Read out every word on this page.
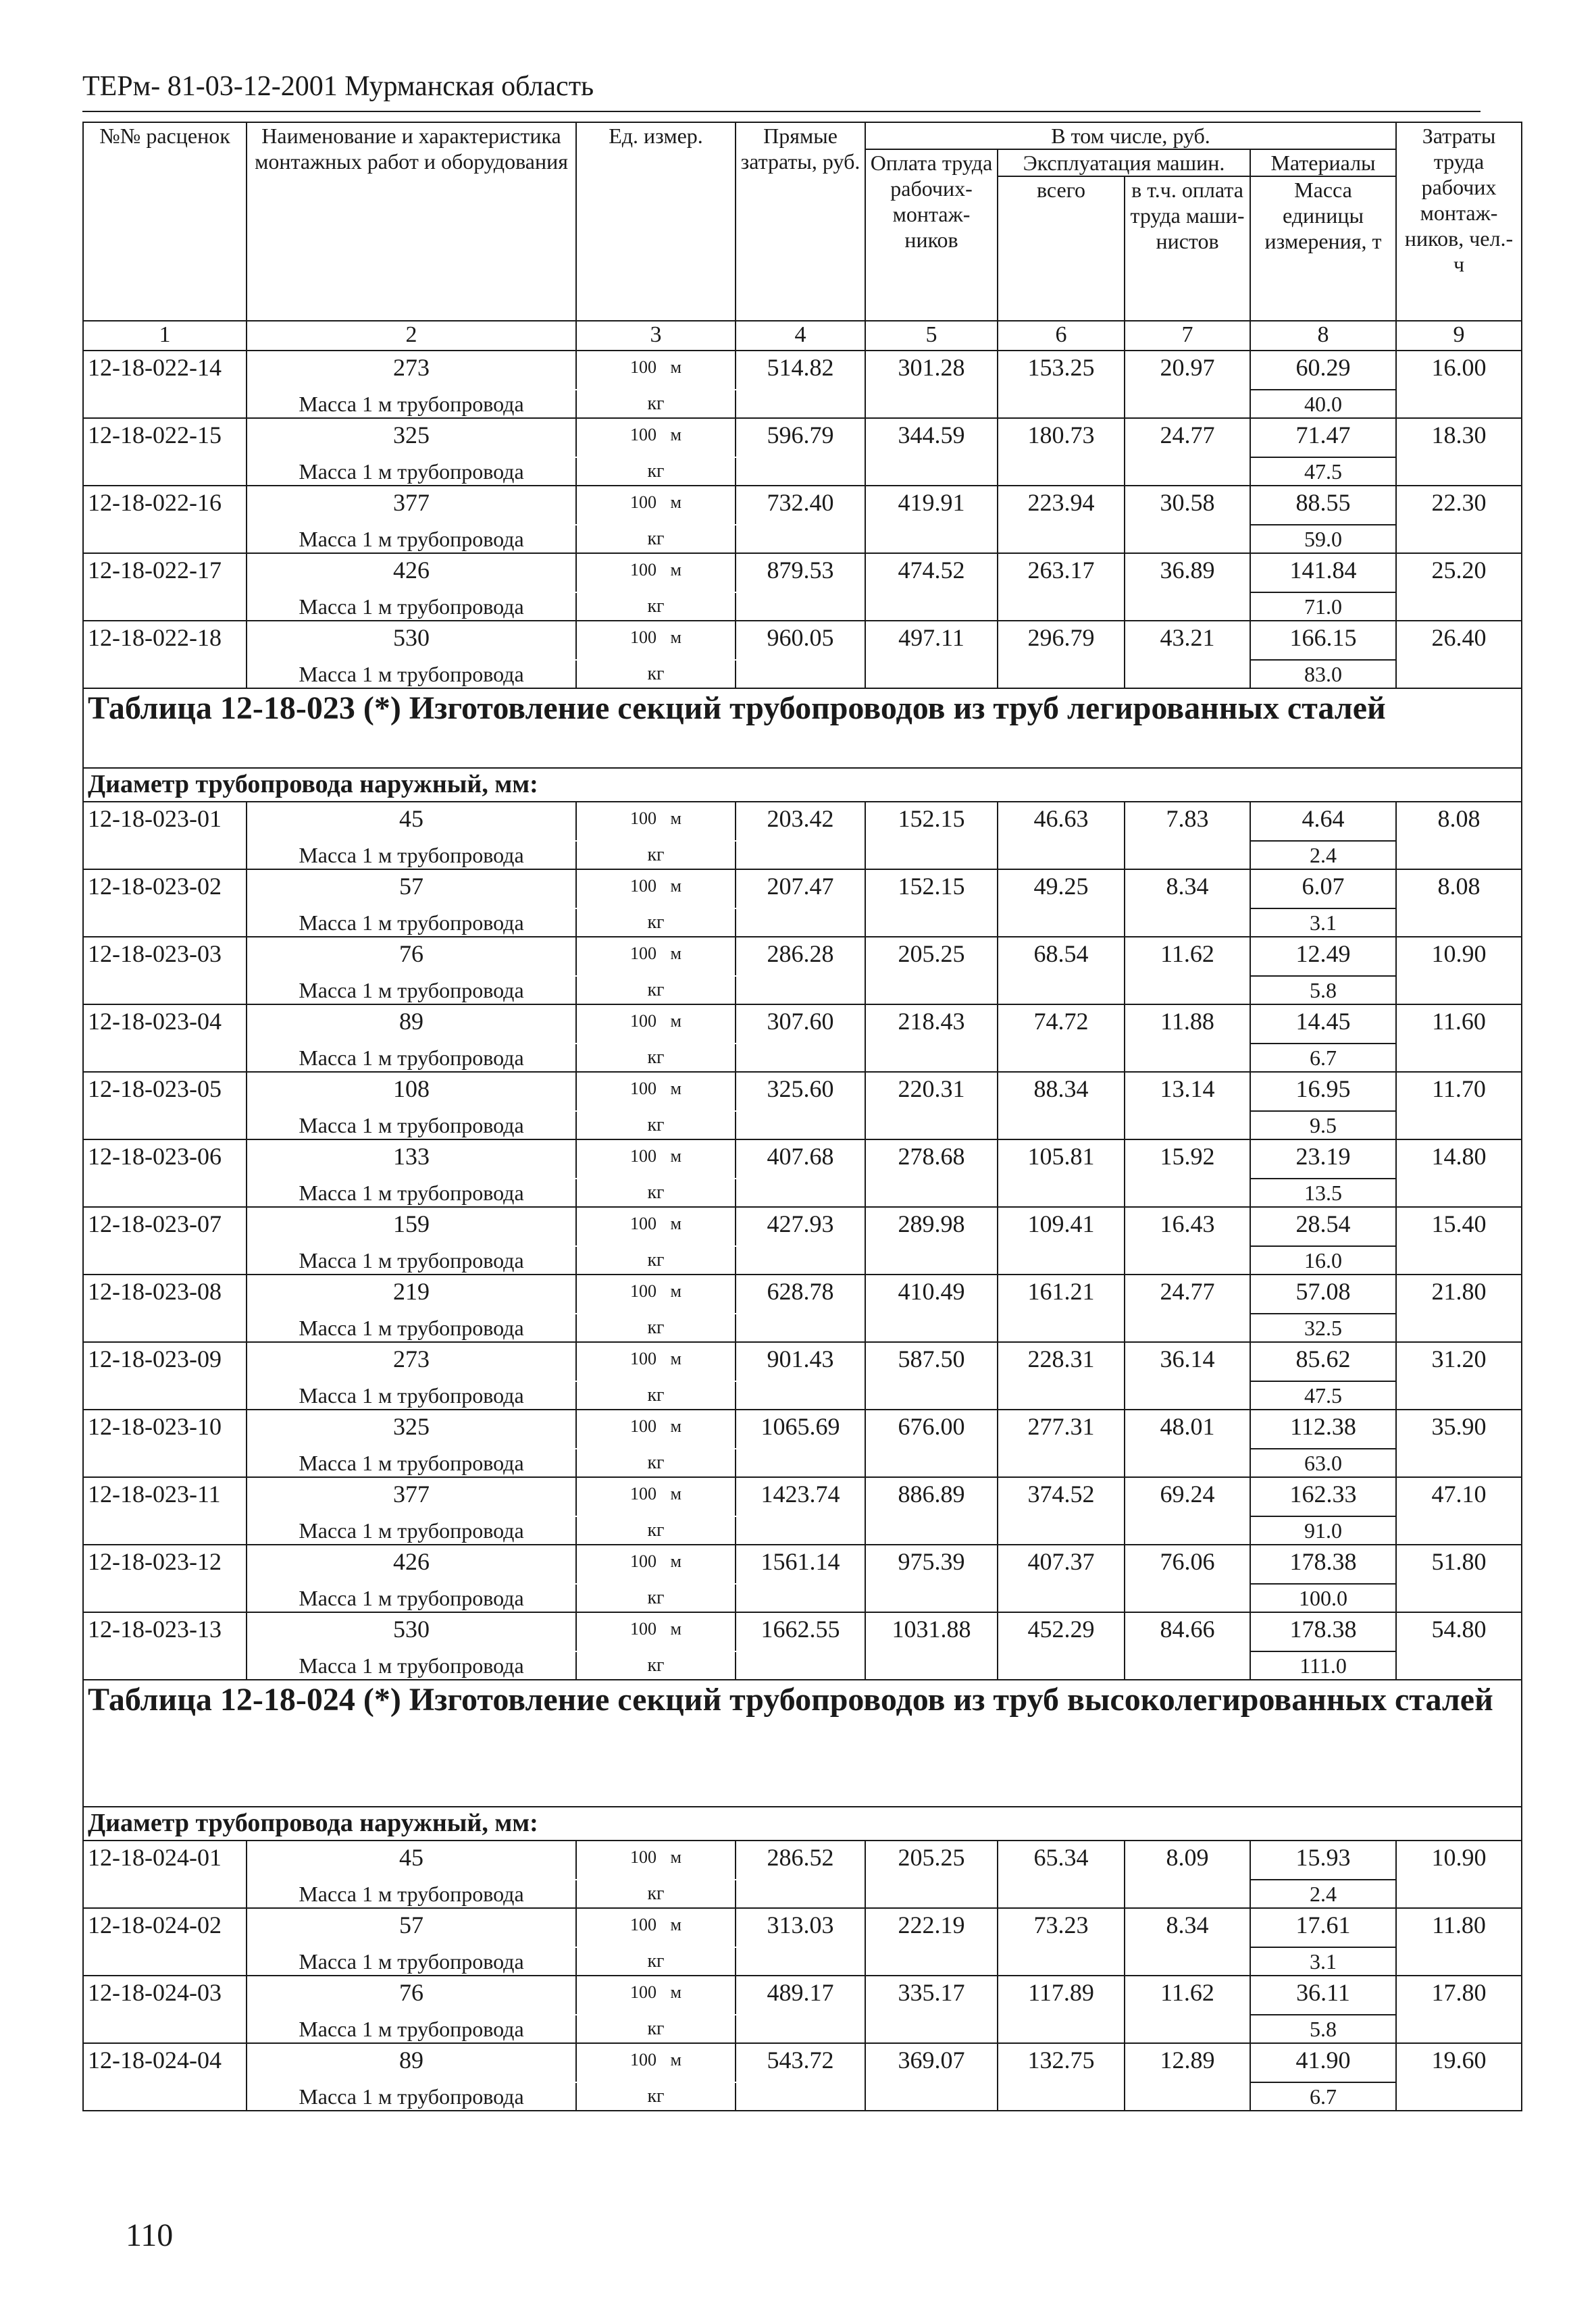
ТЕРм- 81-03-12-2001 Мурманская область
№№ расценок	Наименование и характеристика монтажных работ и оборудования	Ед. измер.	Прямые затраты, руб.	В том числе, руб.				Затраты труда рабочих монтаж-ников, чел.-ч
				Оплата труда рабочих-монтаж-ников	Эксплуатация машин.		Материалы	
					всего	в т.ч. оплата труда маши-нистов	Масса единицы измерения, т	
1	2	3	4	5	6	7	8	9
12-18-022-14	273	100 м	514.82	301.28	153.25	20.97	60.29	16.00
	Масса 1 м трубопровода	кг					40.0	
12-18-022-15	325	100 м	596.79	344.59	180.73	24.77	71.47	18.30
	Масса 1 м трубопровода	кг					47.5	
12-18-022-16	377	100 м	732.40	419.91	223.94	30.58	88.55	22.30
	Масса 1 м трубопровода	кг					59.0	
12-18-022-17	426	100 м	879.53	474.52	263.17	36.89	141.84	25.20
	Масса 1 м трубопровода	кг					71.0	
12-18-022-18	530	100 м	960.05	497.11	296.79	43.21	166.15	26.40
	Масса 1 м трубопровода	кг					83.0	
Таблица 12-18-023 (*) Изготовление секций трубопроводов из труб легированных сталей								
Диаметр трубопровода наружный, мм:								
12-18-023-01	45	100 м	203.42	152.15	46.63	7.83	4.64	8.08
	Масса 1 м трубопровода	кг					2.4	
12-18-023-02	57	100 м	207.47	152.15	49.25	8.34	6.07	8.08
	Масса 1 м трубопровода	кг					3.1	
12-18-023-03	76	100 м	286.28	205.25	68.54	11.62	12.49	10.90
	Масса 1 м трубопровода	кг					5.8	
12-18-023-04	89	100 м	307.60	218.43	74.72	11.88	14.45	11.60
	Масса 1 м трубопровода	кг					6.7	
12-18-023-05	108	100 м	325.60	220.31	88.34	13.14	16.95	11.70
	Масса 1 м трубопровода	кг					9.5	
12-18-023-06	133	100 м	407.68	278.68	105.81	15.92	23.19	14.80
	Масса 1 м трубопровода	кг					13.5	
12-18-023-07	159	100 м	427.93	289.98	109.41	16.43	28.54	15.40
	Масса 1 м трубопровода	кг					16.0	
12-18-023-08	219	100 м	628.78	410.49	161.21	24.77	57.08	21.80
	Масса 1 м трубопровода	кг					32.5	
12-18-023-09	273	100 м	901.43	587.50	228.31	36.14	85.62	31.20
	Масса 1 м трубопровода	кг					47.5	
12-18-023-10	325	100 м	1065.69	676.00	277.31	48.01	112.38	35.90
	Масса 1 м трубопровода	кг					63.0	
12-18-023-11	377	100 м	1423.74	886.89	374.52	69.24	162.33	47.10
	Масса 1 м трубопровода	кг					91.0	
12-18-023-12	426	100 м	1561.14	975.39	407.37	76.06	178.38	51.80
	Масса 1 м трубопровода	кг					100.0	
12-18-023-13	530	100 м	1662.55	1031.88	452.29	84.66	178.38	54.80
	Масса 1 м трубопровода	кг					111.0	
Таблица 12-18-024 (*) Изготовление секций трубопроводов из труб высоколегированных сталей								
Диаметр трубопровода наружный, мм:								
12-18-024-01	45	100 м	286.52	205.25	65.34	8.09	15.93	10.90
	Масса 1 м трубопровода	кг					2.4	
12-18-024-02	57	100 м	313.03	222.19	73.23	8.34	17.61	11.80
	Масса 1 м трубопровода	кг					3.1	
12-18-024-03	76	100 м	489.17	335.17	117.89	11.62	36.11	17.80
	Масса 1 м трубопровода	кг					5.8	
12-18-024-04	89	100 м	543.72	369.07	132.75	12.89	41.90	19.60
	Масса 1 м трубопровода	кг					6.7	
110
